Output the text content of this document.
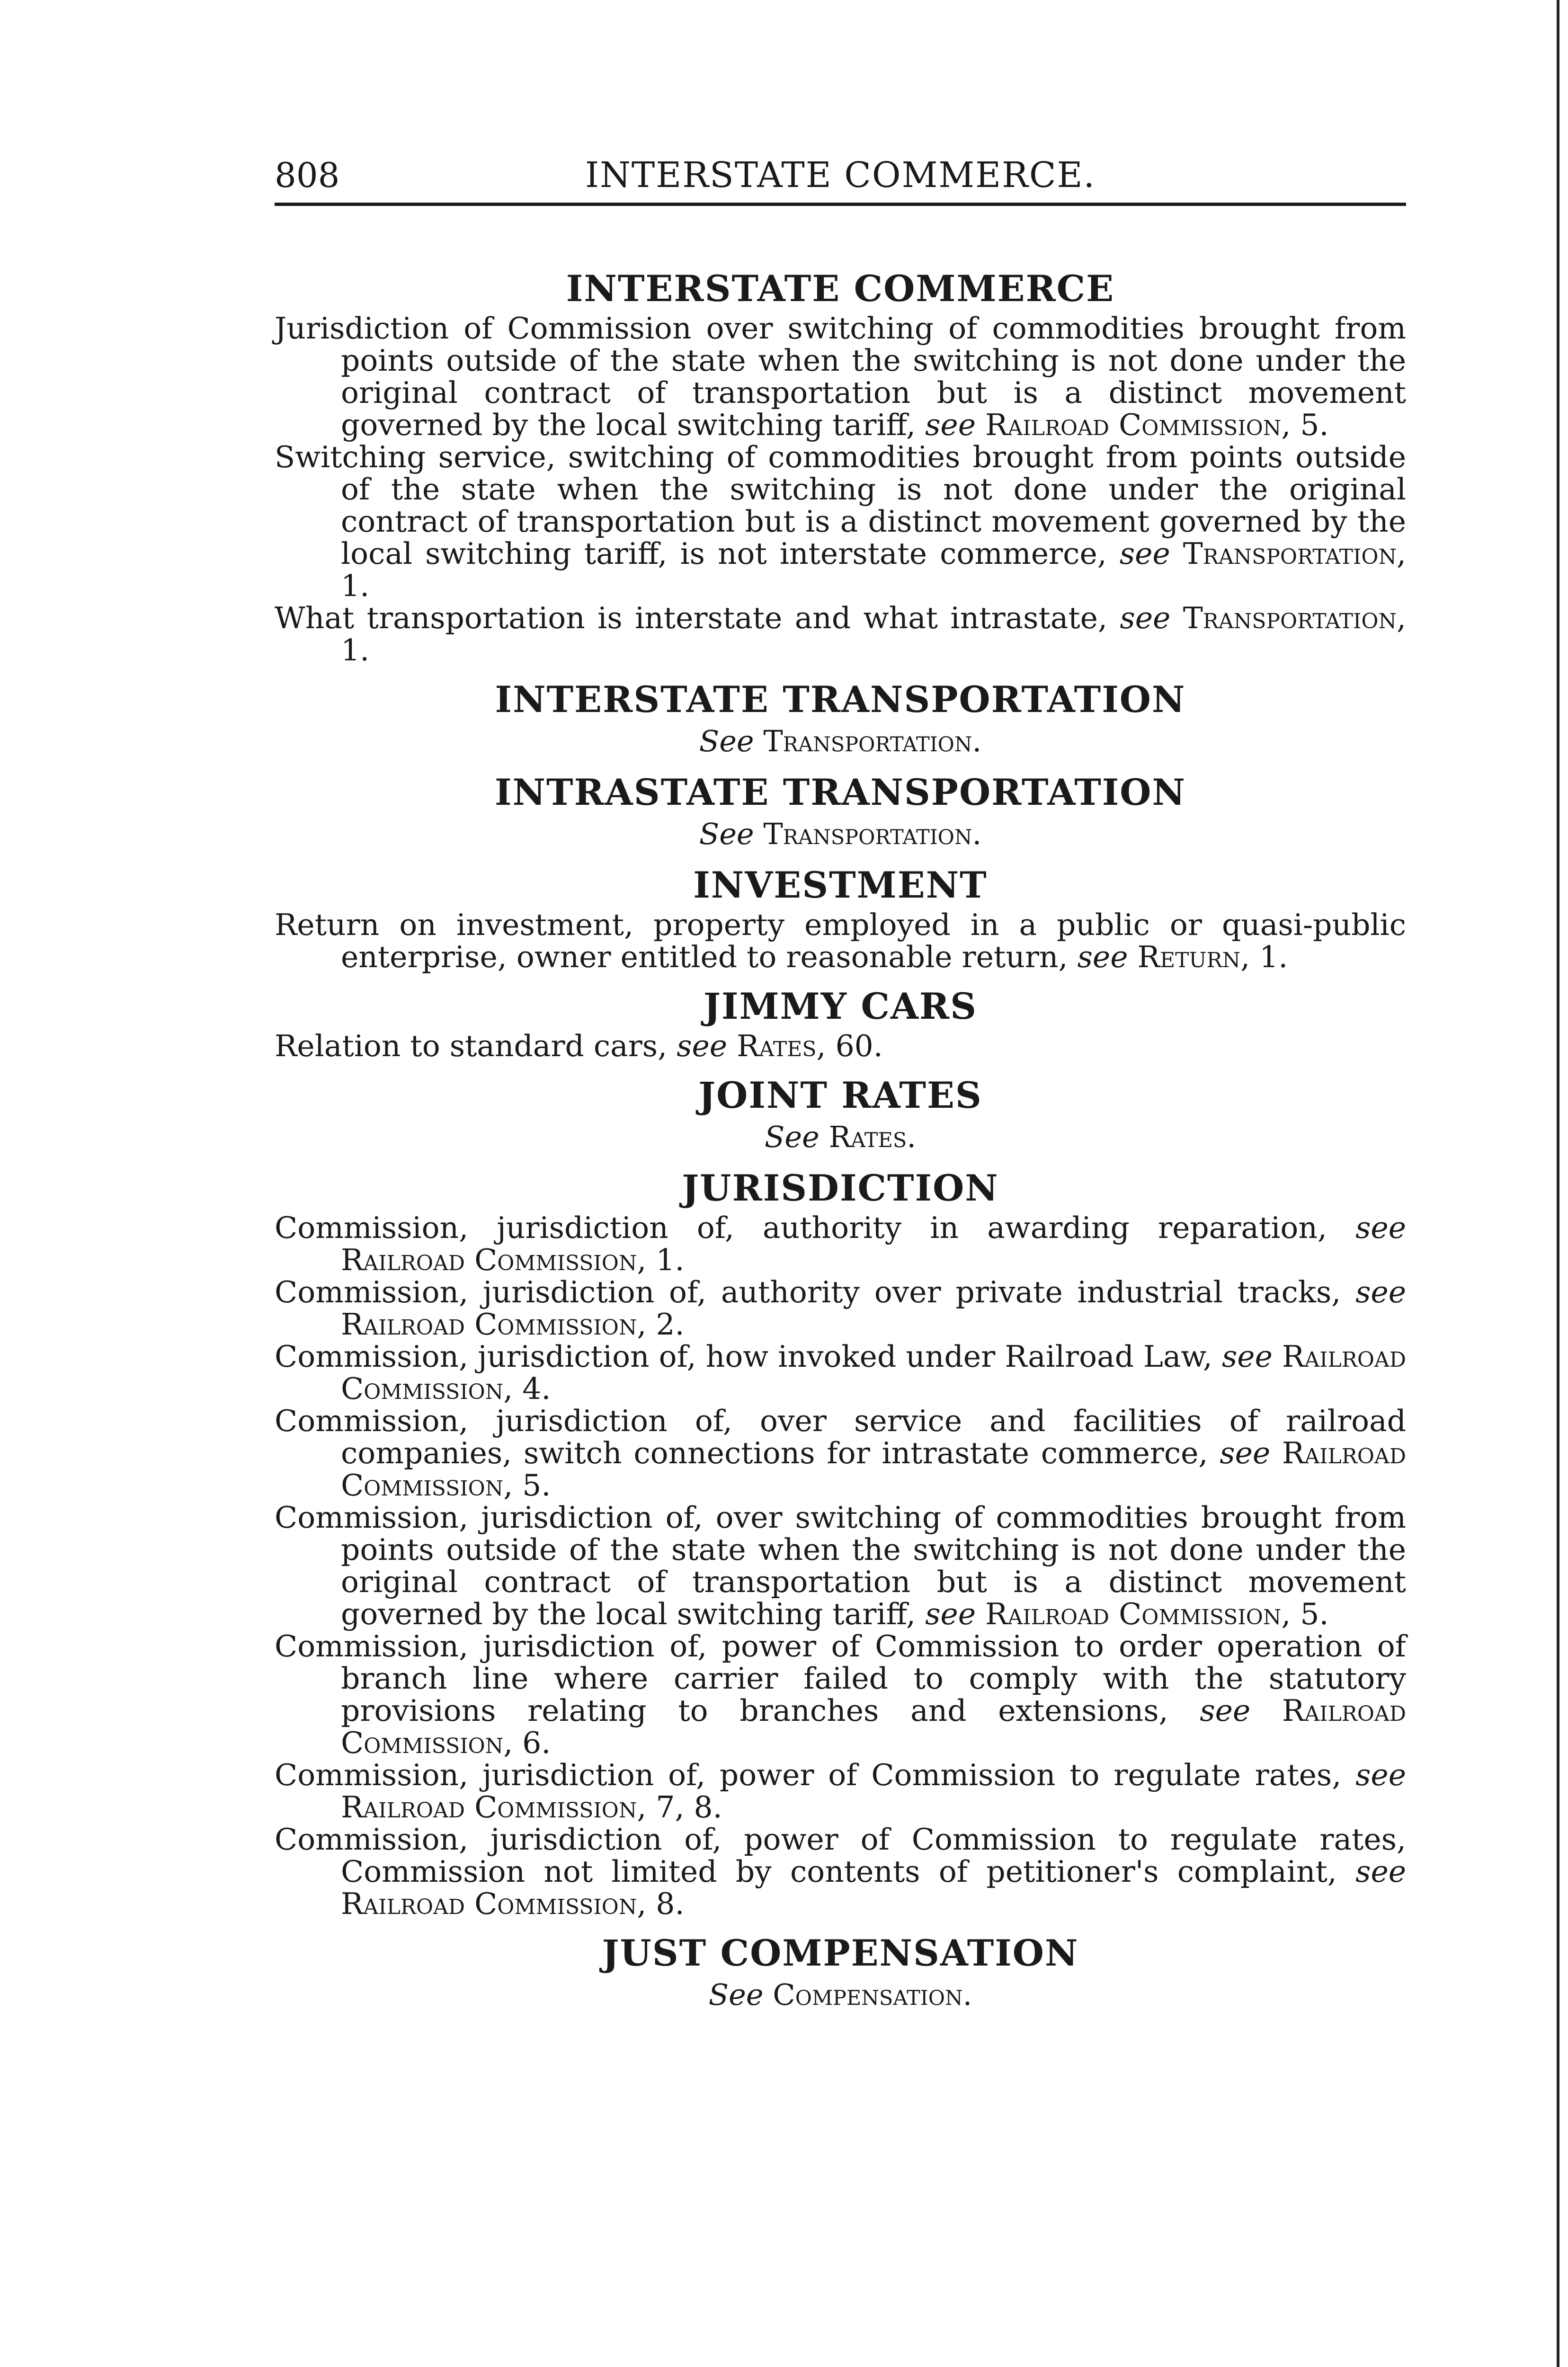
808	INTERSTATE COMMERCE.
INTERSTATE COMMERCE

Jurisdiction of Commission over switching of commodities brought from points outside of the state when the switching is not done under the original contract of transportation but is a distinct movement governed by the local switching tariff, see Railroad Commission, 5.

Switching service, switching of commodities brought from points outside of the state when the switching is not done under the original contract of transportation but is a distinct movement governed by the local switching tariff, is not interstate commerce, see Transportation, 1.

What transportation is interstate and what intrastate, see Transportation, 1.

INTERSTATE TRANSPORTATION
See Transportation.
INTRASTATE TRANSPORTATION
See Transportation.
INVESTMENT

Return on investment, property employed in a public or quasi-public enterprise, owner entitled to reasonable return, see Return, 1.

JIMMY CARS

Relation to standard cars, see Rates, 60.

JOINT RATES
See Rates.
JURISDICTION

Commission, jurisdiction of, authority in awarding reparation, see Railroad Commission, 1.

Commission, jurisdiction of, authority over private industrial tracks, see Railroad Commission, 2.

Commission, jurisdiction of, how invoked under Railroad Law, see Railroad Commission, 4.

Commission, jurisdiction of, over service and facilities of railroad companies, switch connections for intrastate commerce, see Railroad Commission, 5.

Commission, jurisdiction of, over switching of commodities brought from points outside of the state when the switching is not done under the original contract of transportation but is a distinct movement governed by the local switching tariff, see Railroad Commission, 5.

Commission, jurisdiction of, power of Commission to order operation of branch line where carrier failed to comply with the statutory provisions relating to branches and extensions, see Railroad Commission, 6.

Commission, jurisdiction of, power of Commission to regulate rates, see Railroad Commission, 7, 8.

Commission, jurisdiction of, power of Commission to regulate rates, Commission not limited by contents of petitioner's complaint, see Railroad Commission, 8.

JUST COMPENSATION
See Compensation.
